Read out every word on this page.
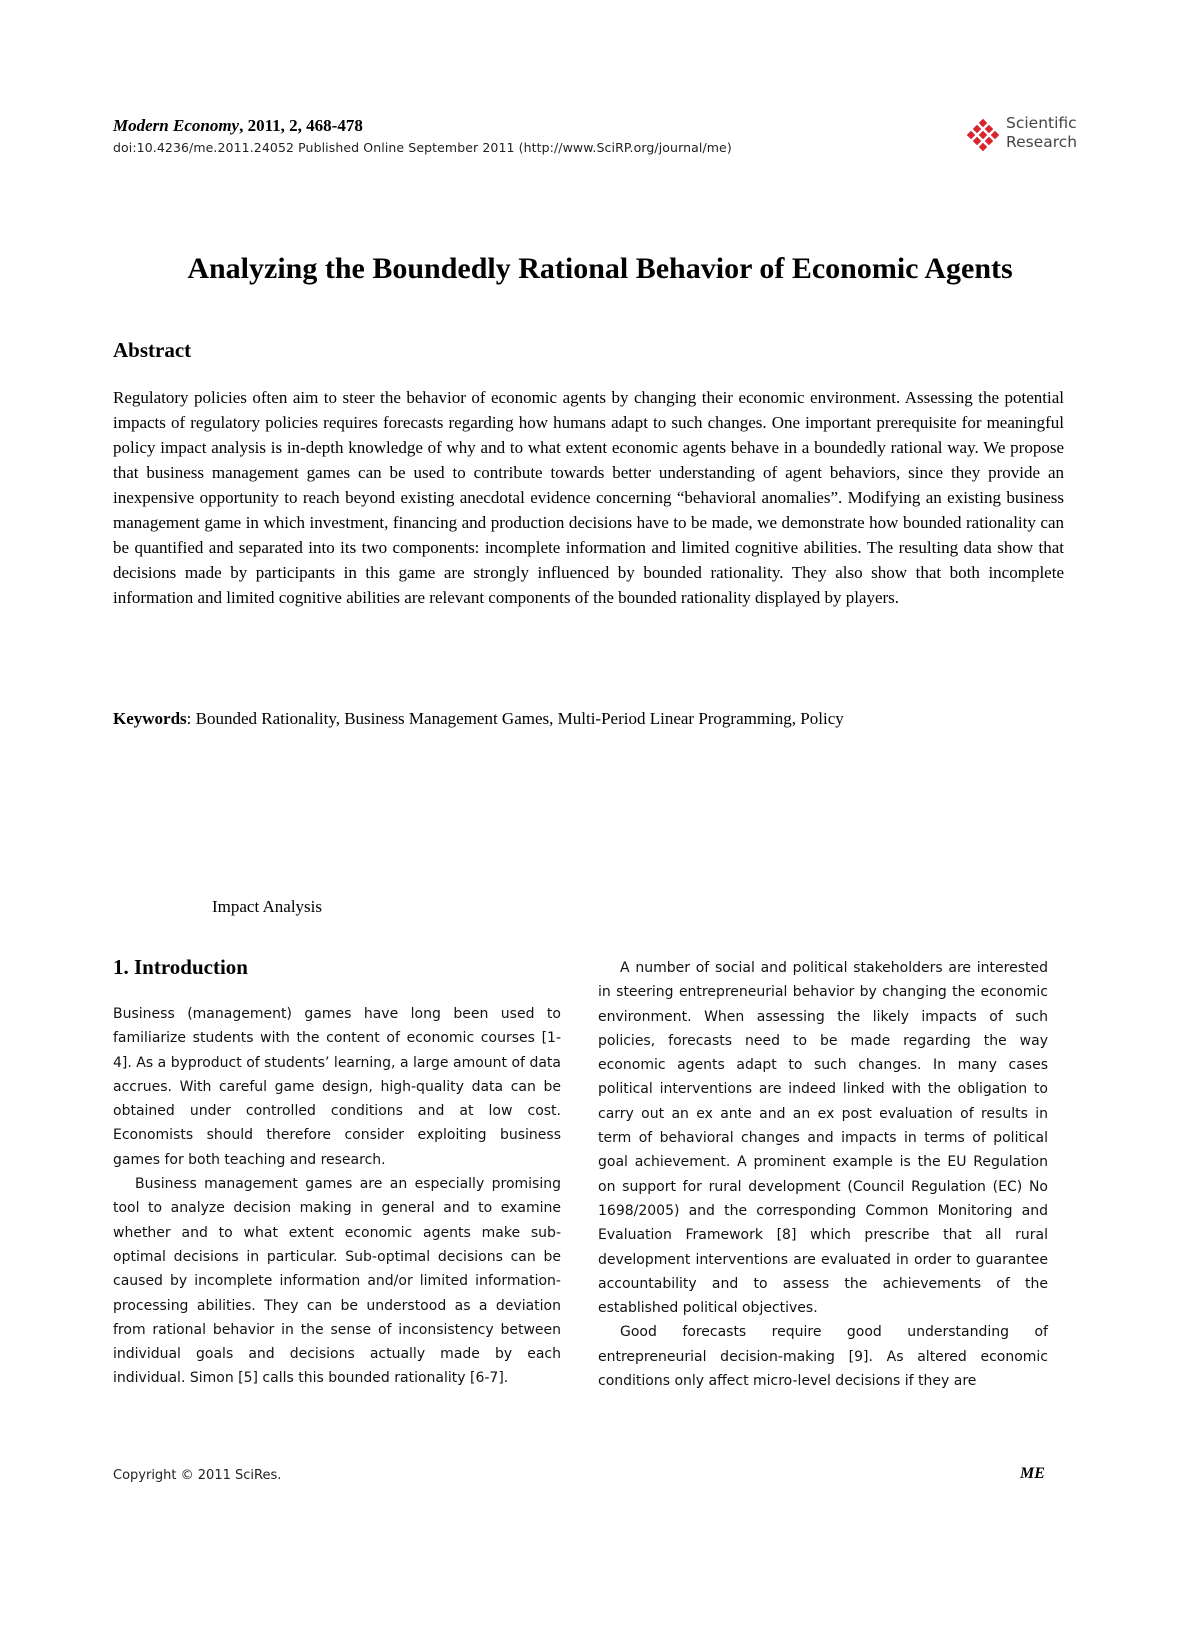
Modern Economy, 2011, 2, 468-478
doi:10.4236/me.2011.24052 Published Online September 2011 (http://www.SciRP.org/journal/me)
Scientific
Research
Analyzing the Boundedly Rational Behavior of Economic Agents
Abstract
Regulatory policies often aim to steer the behavior of economic agents by changing their economic environment. Assessing the potential impacts of regulatory policies requires forecasts regarding how humans adapt to such changes. One important prerequisite for meaningful policy impact analysis is in-depth knowledge of why and to what extent economic agents behave in a boundedly rational way. We propose that business management games can be used to contribute towards better understanding of agent behaviors, since they provide an inexpensive opportunity to reach beyond existing anecdotal evidence concerning “behavioral anomalies”. Modifying an existing business management game in which investment, financing and production decisions have to be made, we demonstrate how bounded rationality can be quantified and separated into its two components: incomplete information and limited cognitive abilities. The resulting data show that decisions made by participants in this game are strongly influenced by bounded rationality. They also show that both incomplete information and limited cognitive abilities are relevant components of the bounded rationality displayed by players.
Keywords: Bounded Rationality, Business Management Games, Multi-Period Linear Programming, Policy
Impact Analysis
1. Introduction

Business (management) games have long been used to familiarize students with the content of economic courses [1-4]. As a byproduct of students’ learning, a large amount of data accrues. With careful game design, high-quality data can be obtained under controlled conditions and at low cost. Economists should therefore consider exploiting business games for both teaching and research.

Business management games are an especially promising tool to analyze decision making in general and to examine whether and to what extent economic agents make sub-optimal decisions in particular. Sub-optimal decisions can be caused by incomplete information and/or limited information-processing abilities. They can be understood as a deviation from rational behavior in the sense of inconsistency between individual goals and decisions actually made by each individual. Simon [5] calls this bounded rationality [6-7].

A number of social and political stakeholders are interested in steering entrepreneurial behavior by changing the economic environment. When assessing the likely impacts of such policies, forecasts need to be made regarding the way economic agents adapt to such changes. In many cases political interventions are indeed linked with the obligation to carry out an ex ante and an ex post evaluation of results in term of behavioral changes and impacts in terms of political goal achievement. A prominent example is the EU Regulation on support for rural development (Council Regulation (EC) No 1698/2005) and the corresponding Common Monitoring and Evaluation Framework [8] which prescribe that all rural development interventions are evaluated in order to guarantee accountability and to assess the achievements of the established political objectives.

Good forecasts require good understanding of entrepreneurial decision-making [9]. As altered economic conditions only affect micro-level decisions if they are

Copyright © 2011 SciRes.	ME
